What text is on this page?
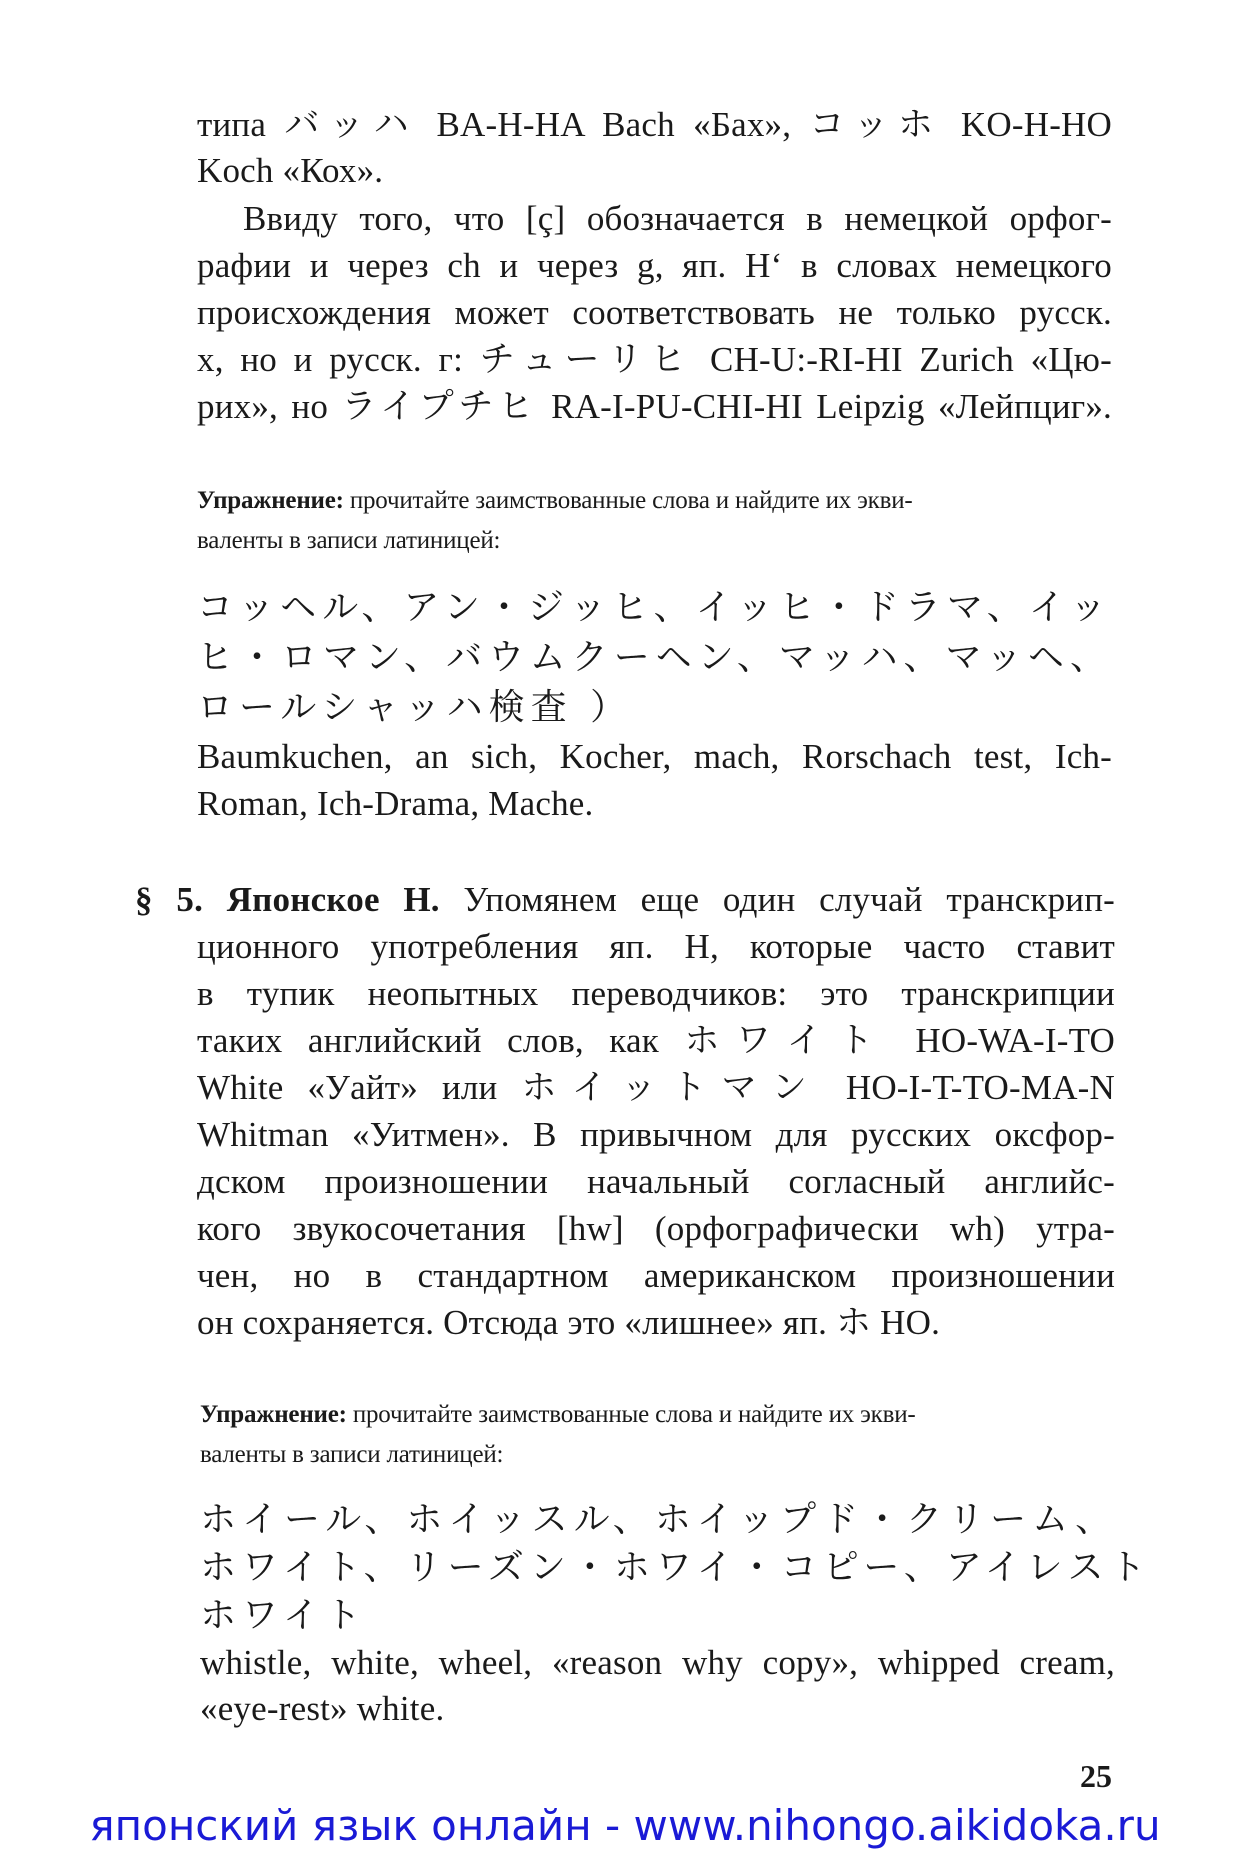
типа バッハ BA-H-HA Bach «Бах», コッホ KO-H-HO
Koch «Кох».
Ввиду того, что [ç] обозначается в немецкой орфог-
рафии и через ch и через g, яп. H‘ в словах немецкого
происхождения может соответствовать не только русск.
x, но и русск. г: チューリヒ CH-U:-RI-HI Zurich «Цю-
рих», но ライプチヒ RA-I-PU-CHI-HI Leipzig «Лейпциг».
Упражнение: прочитайте заимствованные слова и найдите их экви-
валенты в записи латиницей:
コッヘル、アン・ジッヒ、イッヒ・ドラマ、イッ
ヒ・ロマン、バウムクーヘン、マッハ、マッヘ、
ロールシャッハ検査 ）
Baumkuchen, an sich, Kocher, mach, Rorschach test, Ich-
Roman, Ich-Drama, Mache.
§ 5. Японское H. Упомянем еще один случай транскрип-
ционного употребления яп. H, которые часто ставит
в тупик неопытных переводчиков: это транскрипции
таких английский слов, как ホワイト HO-WA-I-TO
White «Уайт» или ホイットマン HO-I-T-TO-MA-N
Whitman «Уитмен». В привычном для русских оксфор-
дском произношении начальный согласный английс-
кого звукосочетания [hw] (орфографически wh) утра-
чен, но в стандартном американском произношении
он сохраняется. Отсюда это «лишнее» яп. ホ HO.
Упражнение: прочитайте заимствованные слова и найдите их экви-
валенты в записи латиницей:
ホイール、ホイッスル、ホイップド・クリーム、
ホワイト、リーズン・ホワイ・コピー、アイレスト
ホワイト
whistle, white, wheel, «reason why copy», whipped cream,
«eye-rest» white.
25
японский язык онлайн - www.nihongo.aikidoka.ru
